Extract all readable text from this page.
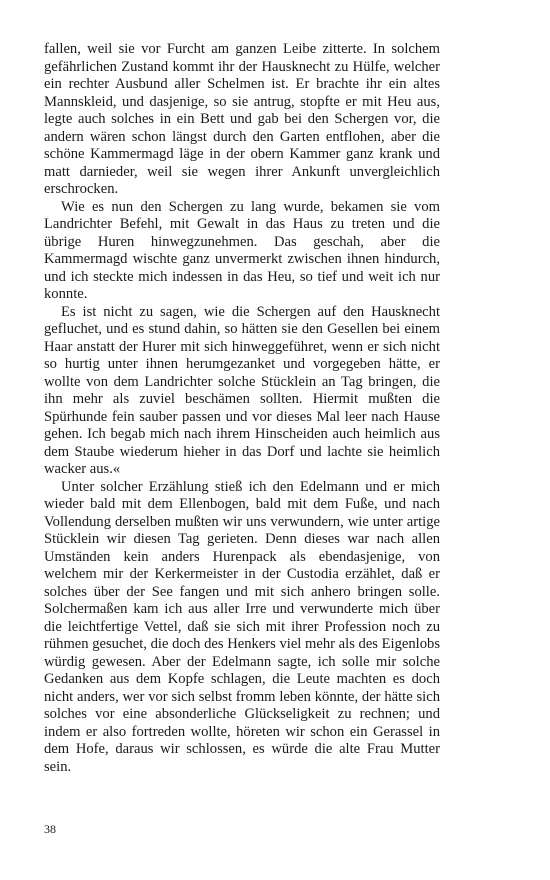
fallen, weil sie vor Furcht am ganzen Leibe zitterte. In solchem gefährlichen Zustand kommt ihr der Hausknecht zu Hülfe, welcher ein rechter Ausbund aller Schelmen ist. Er brachte ihr ein altes Mannskleid, und dasjenige, so sie antrug, stopfte er mit Heu aus, legte auch solches in ein Bett und gab bei den Schergen vor, die andern wären schon längst durch den Garten entflohen, aber die schöne Kammermagd läge in der obern Kammer ganz krank und matt darnieder, weil sie wegen ihrer Ankunft unvergleichlich erschrocken.

Wie es nun den Schergen zu lang wurde, bekamen sie vom Landrichter Befehl, mit Gewalt in das Haus zu treten und die übrige Huren hinwegzunehmen. Das geschah, aber die Kammermagd wischte ganz unvermerkt zwischen ihnen hindurch, und ich steckte mich indessen in das Heu, so tief und weit ich nur konnte.

Es ist nicht zu sagen, wie die Schergen auf den Hausknecht gefluchet, und es stund dahin, so hätten sie den Gesellen bei einem Haar anstatt der Hurer mit sich hinweggeführet, wenn er sich nicht so hurtig unter ihnen herumgezanket und vorgegeben hätte, er wollte von dem Landrichter solche Stücklein an Tag bringen, die ihn mehr als zuviel beschämen sollten. Hiermit mußten die Spürhunde fein sauber passen und vor dieses Mal leer nach Hause gehen. Ich begab mich nach ihrem Hinscheiden auch heimlich aus dem Staube wiederum hieher in das Dorf und lachte sie heimlich wacker aus.«

Unter solcher Erzählung stieß ich den Edelmann und er mich wieder bald mit dem Ellenbogen, bald mit dem Fuße, und nach Vollendung derselben mußten wir uns verwundern, wie unter artige Stücklein wir diesen Tag gerieten. Denn dieses war nach allen Umständen kein anders Hurenpack als ebendasjenige, von welchem mir der Kerkermeister in der Custodia erzählet, daß er solches über der See fangen und mit sich anhero bringen solle. Solchermaßen kam ich aus aller Irre und verwunderte mich über die leichtfertige Vettel, daß sie sich mit ihrer Profession noch zu rühmen gesuchet, die doch des Henkers viel mehr als des Eigenlobs würdig gewesen. Aber der Edelmann sagte, ich solle mir solche Gedanken aus dem Kopfe schlagen, die Leute machten es doch nicht anders, wer vor sich selbst fromm leben könnte, der hätte sich solches vor eine absonderliche Glückseligkeit zu rechnen; und indem er also fortreden wollte, höreten wir schon ein Gerassel in dem Hofe, daraus wir schlossen, es würde die alte Frau Mutter sein.

38
